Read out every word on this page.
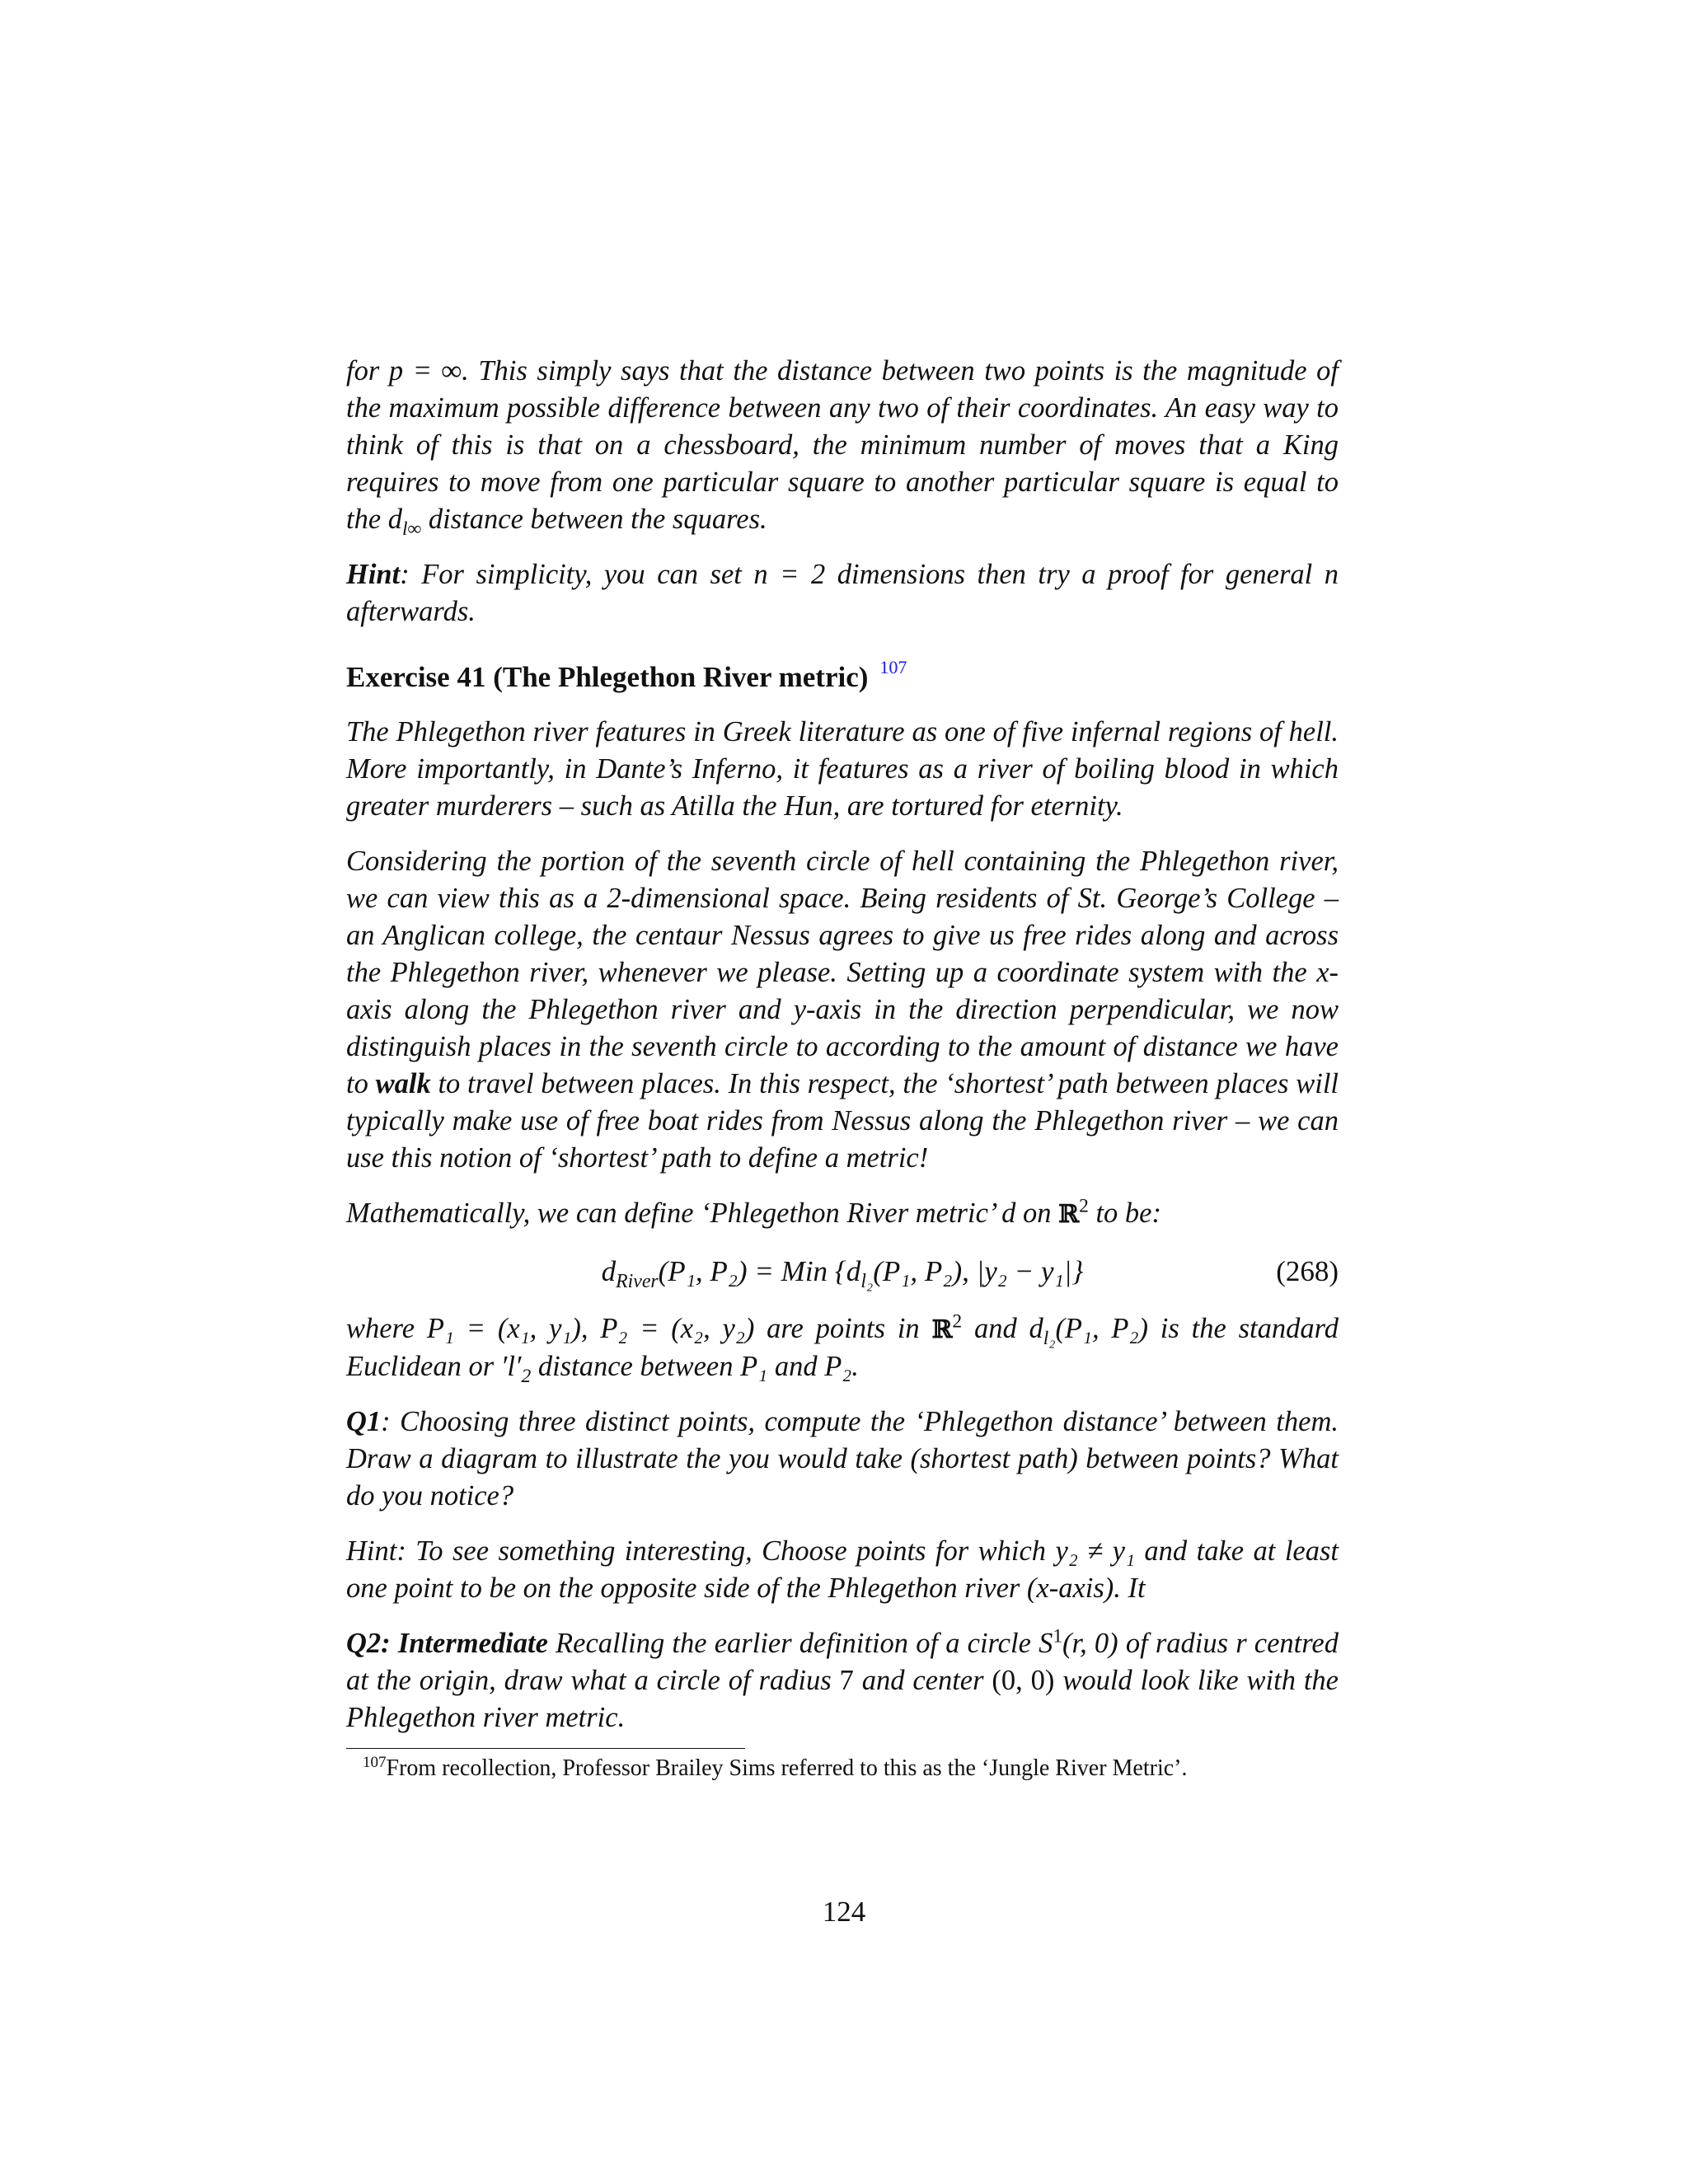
for p = ∞. This simply says that the distance between two points is the magnitude of the maximum possible difference between any two of their coordinates. An easy way to think of this is that on a chessboard, the minimum number of moves that a King requires to move from one particular square to another particular square is equal to the $d_{l\infty}$ distance between the squares.

Hint: For simplicity, you can set n = 2 dimensions then try a proof for general n afterwards.

Exercise 41 (The Phlegethon River metric) $^{107}$

The Phlegethon river features in Greek literature as one of five infernal regions of hell. More importantly, in Dante’s Inferno, it features as a river of boiling blood in which greater murderers – such as Atilla the Hun, are tortured for eternity.

Considering the portion of the seventh circle of hell containing the Phlegethon river, we can view this as a 2-dimensional space. Being residents of St. George’s College – an Anglican college, the centaur Nessus agrees to give us free rides along and across the Phlegethon river, whenever we please. Setting up a coordinate system with the x-axis along the Phlegethon river and y-axis in the direction perpendicular, we now distinguish places in the seventh circle to according to the amount of distance we have to walk to travel between places. In this respect, the ‘shortest’ path between places will typically make use of free boat rides from Nessus along the Phlegethon river – we can use this notion of ‘shortest’ path to define a metric!

Mathematically, we can define ‘Phlegethon River metric’ d on ℝ$^2$ to be:

$d_{River}(P_1$, P₂) = Min {$d_{l_2}(P_1$, P₂), |y₂ − y₁|}	(268)

where P₁ = (x₁, y₁), P₂ = (x₂, y₂) are points in ℝ$^2$ and $d_{l_2}(P_1$, P₂) is the standard Euclidean or $'l'_2$ distance between P₁ and P₂.

Q1: Choosing three distinct points, compute the ‘Phlegethon distance’ between them. Draw a diagram to illustrate the you would take (shortest path) between points? What do you notice?

Hint: To see something interesting, Choose points for which y₂ ≠ y₁ and take at least one point to be on the opposite side of the Phlegethon river (x-axis). It

Q2: Intermediate Recalling the earlier definition of a circle $S^1(r$, 0) of radius r centred at the origin, draw what a circle of radius 7 and center (0, 0) would look like with the Phlegethon river metric.

$^{107}$From recollection, Professor Brailey Sims referred to this as the ‘Jungle River Metric’.
124
